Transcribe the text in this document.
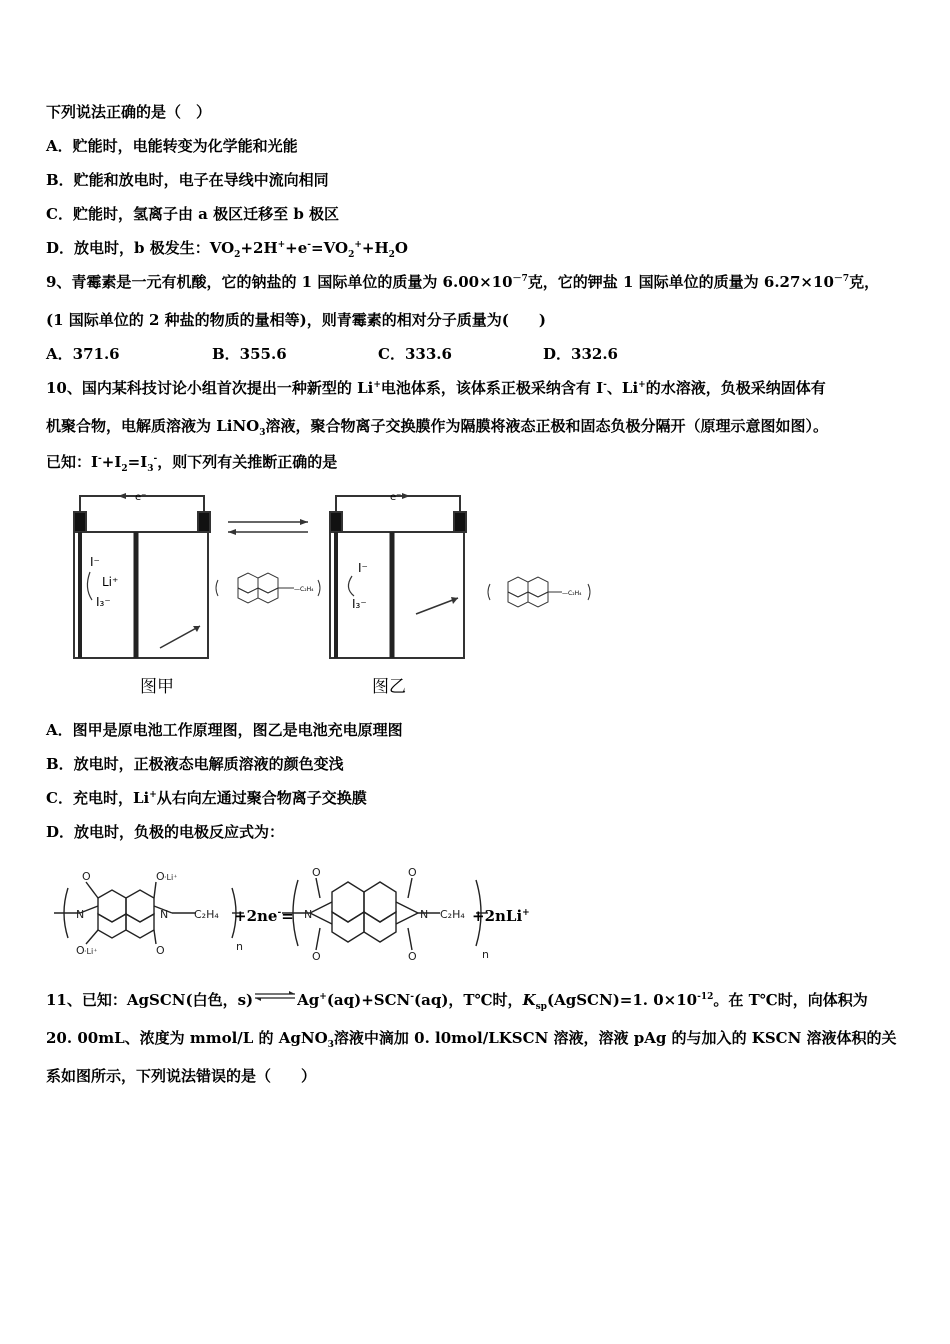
下列说法正确的是（　）
A．贮能时，电能转变为化学能和光能
B．贮能和放电时，电子在导线中流向相同
C．贮能时，氢离子由 a 极区迁移至 b 极区
D．放电时，b 极发生：$VO_2+2H^++e^-=VO_2^++H_2O$
9、青霉素是一元有机酸，它的钠盐的 1 国际单位的质量为 $6.00\times 10^{-7}$克，它的钾盐 1 国际单位的质量为 $6.27\times 10^{-7}$克，
(1 国际单位的 2 种盐的物质的量相等)，则青霉素的相对分子质量为(　　)
A．371.6	B．355.6	C．333.6	D．332.6
10、国内某科技讨论小组首次提出一种新型的 Li+电池体系，该体系正极采纳含有 I-、Li+的水溶液，负极采纳固体有
机聚合物，电解质溶液为 LiNO$_3$溶液，聚合物离子交换膜作为隔膜将液态正极和固态负极分隔开（原理示意图如图）。
已知：$I^-+I_2=I_3^-$，则下列有关推断正确的是
e⁻
I⁻
Li⁺
I₃⁻
—C₂H₄
e⁻
I⁻
I₃⁻
—C₂H₄
图甲	图乙
A．图甲是原电池工作原理图，图乙是电池充电原理图
B．放电时，正极液态电解质溶液的颜色变浅
C．充电时，Li+从右向左通过聚合物离子交换膜
D．放电时，负极的电极反应式为：
N	N
O ·Li⁺
O ·Li⁺
O
O
C₂H₄
n
N	N
O	O
O	O
C₂H₄
n
+2ne-=	+2nLi+
11、已知：AgSCN(白色，s)⇌Ag+(aq)+SCN-(aq)，T℃时，$K_{sp}(AgSCN)=1$. $0\times 10^{-12}$。在 T℃时，向体积为
20. 00mL、浓度为 mmol/L 的 AgNO$_3$溶液中滴加 0. l0mol/LKSCN 溶液，溶液 pAg 的与加入的 KSCN 溶液体积的关
系如图所示，下列说法错误的是（　　）
